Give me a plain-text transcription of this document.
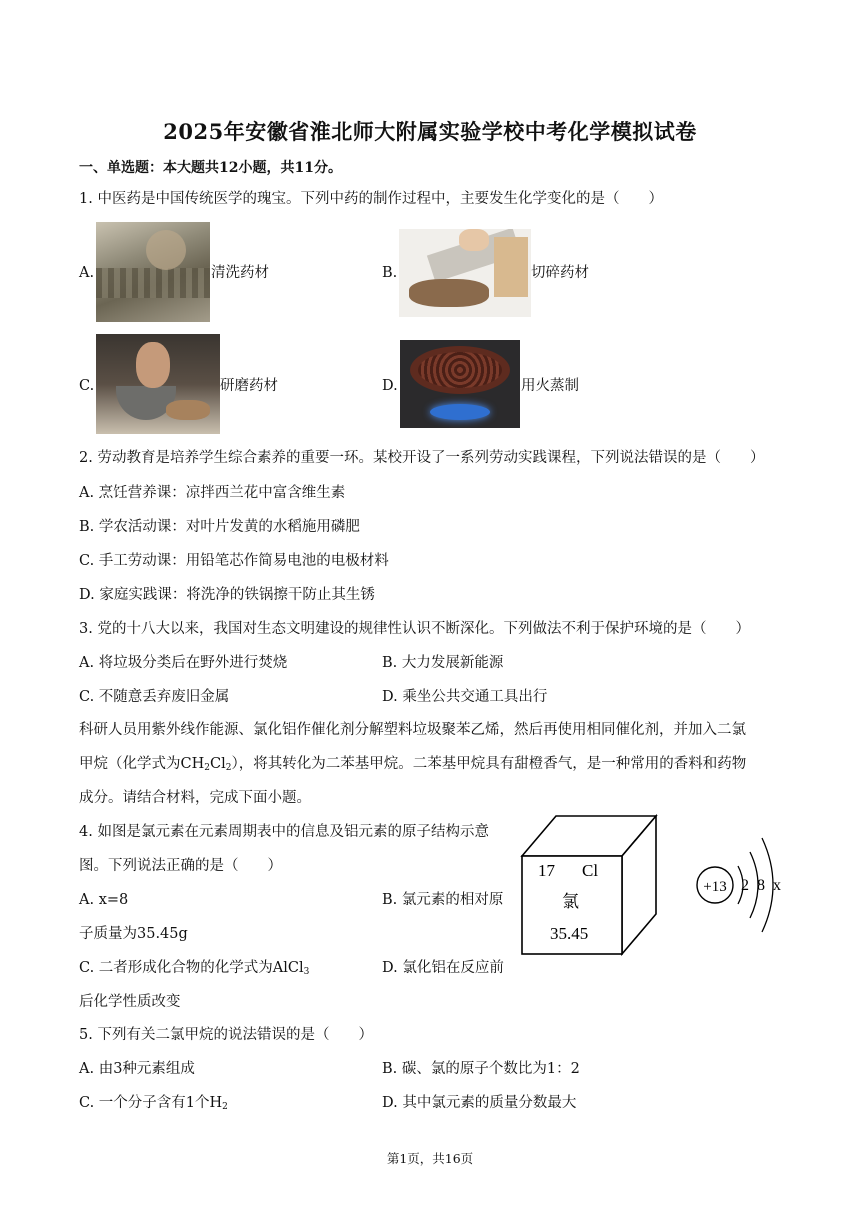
2025年安徽省淮北师大附属实验学校中考化学模拟试卷
一、单选题：本大题共12小题，共11分。
1. 中医药是中国传统医学的瑰宝。下列中药的制作过程中，主要发生化学变化的是（　　）
A.	清洗药材	B.	切碎药材
C.	研磨药材	D.	用火蒸制
2. 劳动教育是培养学生综合素养的重要一环。某校开设了一系列劳动实践课程，下列说法错误的是（　　）
A. 烹饪营养课：凉拌西兰花中富含维生素
B. 学农活动课：对叶片发黄的水稻施用磷肥
C. 手工劳动课：用铅笔芯作简易电池的电极材料
D. 家庭实践课：将洗净的铁锅擦干防止其生锈
3. 党的十八大以来，我国对生态文明建设的规律性认识不断深化。下列做法不利于保护环境的是（　　）
A. 将垃圾分类后在野外进行焚烧	B. 大力发展新能源
C. 不随意丢弃废旧金属	D. 乘坐公共交通工具出行
科研人员用紫外线作能源、氯化铝作催化剂分解塑料垃圾聚苯乙烯，然后再使用相同催化剂，并加入二氯
甲烷（化学式为$CH_2Cl_2$），将其转化为二苯基甲烷。二苯基甲烷具有甜橙香气，是一种常用的香料和药物
成分。请结合材料，完成下面小题。
4. 如图是氯元素在元素周期表中的信息及铝元素的原子结构示意
图。下列说法正确的是（　　）
A. x=8	B. 氯元素的相对原
子质量为35.45g
C. 二者形成化合物的化学式为AlCl$_3$	D. 氯化铝在反应前
后化学性质改变
17 Cl
氯
35.45
+13 2 8 x
5. 下列有关二氯甲烷的说法错误的是（　　）
A. 由3种元素组成	B. 碳、氯的原子个数比为1：2
C. 一个分子含有1个$H_2$	D. 其中氯元素的质量分数最大
第1页，共16页
